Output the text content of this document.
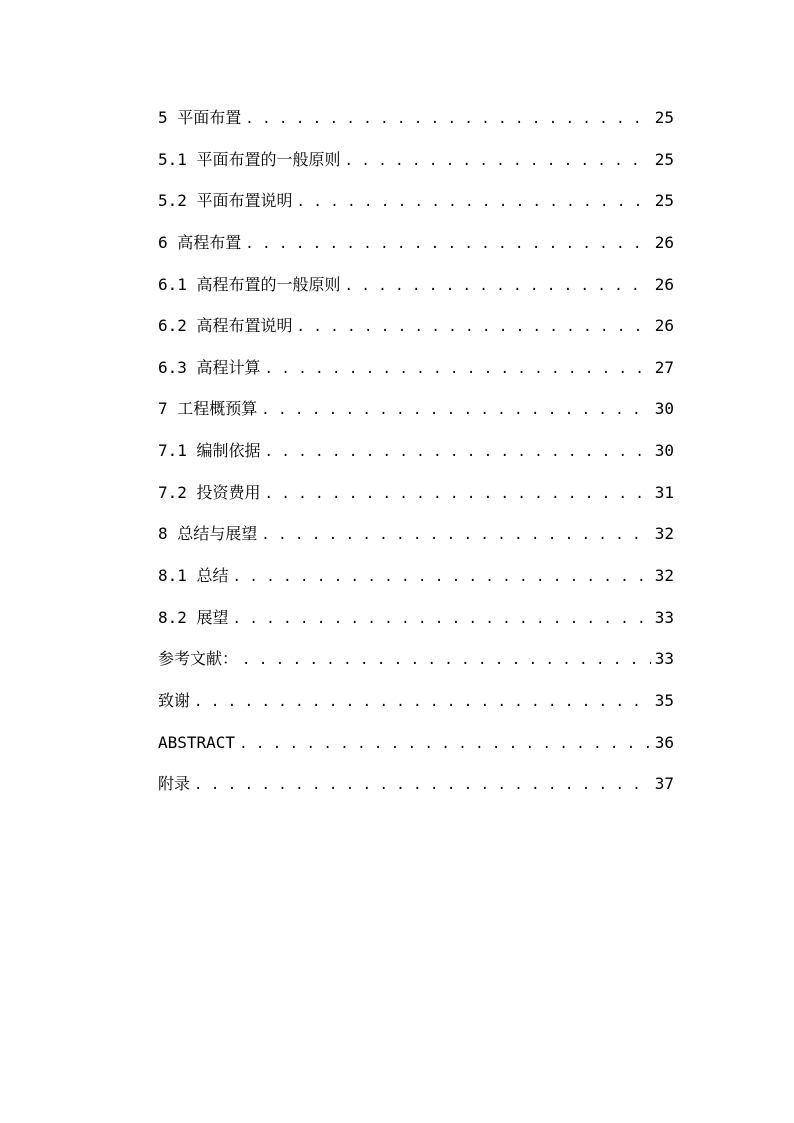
5 平面布置 . . .	25
5.1 平面布置的一般原则 . . .	25
5.2 平面布置说明 . . .	25
6 高程布置 . . .	26
6.1 高程布置的一般原则 . . .	26
6.2 高程布置说明 . . .	26
6.3 高程计算 . . .	27
7 工程概预算 . . .	30
7.1 编制依据 . . .	30
7.2 投资费用 . . .	31
8 总结与展望 . . .	32
8.1 总结 . . .	32
8.2 展望 . . .	33
参考文献： . . .	33
致谢 . . .	35
ABSTRACT . . .	36
附录 . . .	37
